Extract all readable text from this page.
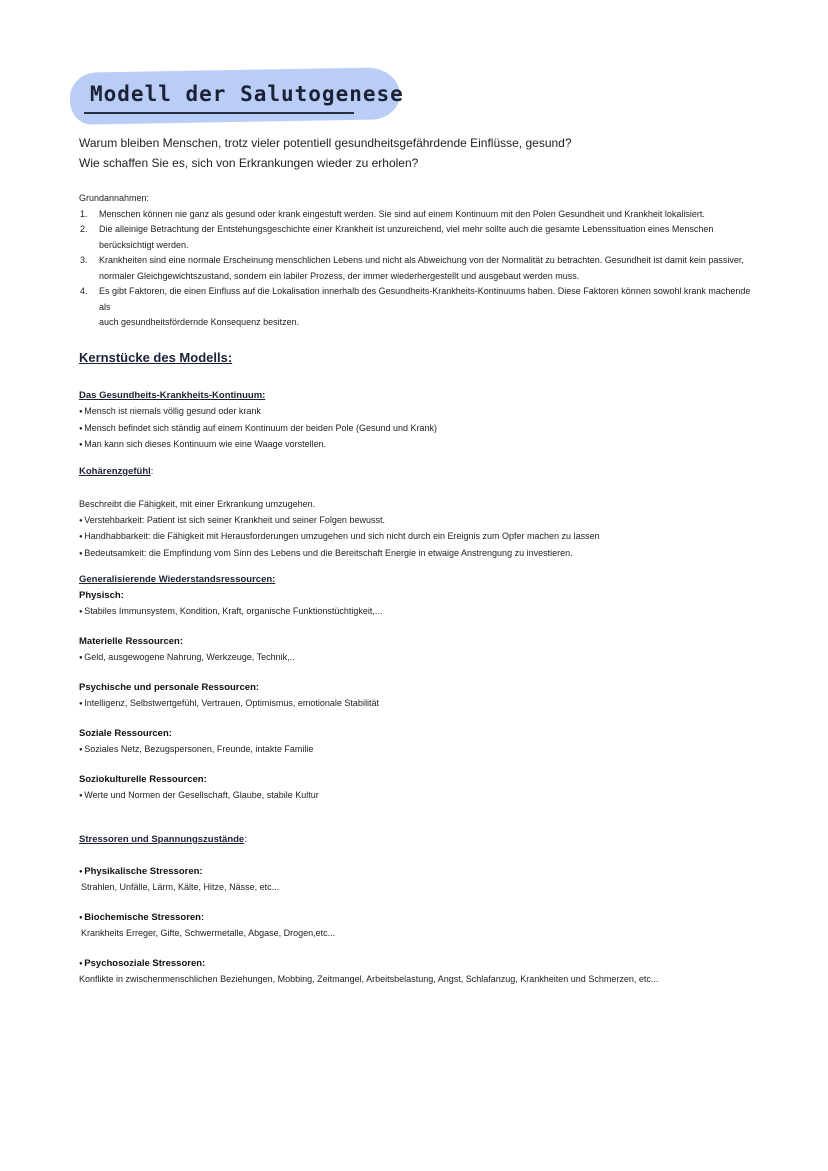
Modell der Salutogenese
Warum bleiben Menschen, trotz vieler potentiell gesundheitsgefährdende Einflüsse, gesund?
Wie schaffen Sie es, sich von Erkrankungen wieder zu erholen?
Grundannahmen:
1. Menschen können nie ganz als gesund oder krank eingestuft werden. Sie sind auf einem Kontinuum mit den Polen Gesundheit und Krankheit lokalisiert.
2. Die alleinige Betrachtung der Entstehungsgeschichte einer Krankheit ist unzureichend, viel mehr sollte auch die gesamte Lebenssituation eines Menschen
berücksichtigt werden.
3. Krankheiten sind eine normale Erscheinung menschlichen Lebens und nicht als Abweichung von der Normalität zu betrachten. Gesundheit ist damit kein passiver,
normaler Gleichgewichtszustand, sondern ein labiler Prozess, der immer wiederhergestellt und ausgebaut werden muss.
4. Es gibt Faktoren, die einen Einfluss auf die Lokalisation innerhalb des Gesundheits-Krankheits-Kontinuums haben. Diese Faktoren können sowohl krank machende als
auch gesundheitsfördernde Konsequenz besitzen.
Kernstücke des Modells:
Das Gesundheits-Krankheits-Kontinuum:
● Mensch ist niemals völlig gesund oder krank
● Mensch befindet sich ständig auf einem Kontinuum der beiden Pole (Gesund und Krank)
● Man kann sich dieses Kontinuum wie eine Waage vorstellen.
Kohärenzgefühl:
Beschreibt die Fähigkeit, mit einer Erkrankung umzugehen.
● Verstehbarkeit: Patient ist sich seiner Krankheit und seiner Folgen bewusst.
● Handhabbarkeit: die Fähigkeit mit Herausforderungen umzugehen und sich nicht durch ein Ereignis zum Opfer machen zu lassen
● Bedeutsamkeit: die Empfindung vom Sinn des Lebens und die Bereitschaft Energie in etwaige Anstrengung zu investieren.
Generalisierende Wiederstandsressourcen:
Physisch:
● Stabiles Immunsystem, Kondition, Kraft, organische Funktionstüchtigkeit,...
Materielle Ressourcen:
● Geld, ausgewogene Nahrung, Werkzeuge, Technik,..
Psychische und personale Ressourcen:
● Intelligenz, Selbstwertgefühl, Vertrauen, Optimismus, emotionale Stabilität
Soziale Ressourcen:
● Soziales Netz, Bezugspersonen, Freunde, intakte Familie
Soziokulturelle Ressourcen:
● Werte und Normen der Gesellschaft, Glaube, stabile Kultur
Stressoren und Spannungszustände:
● Physikalische Stressoren:
Strahlen, Unfälle, Lärm, Kälte, Hitze, Nässe, etc...
● Biochemische Stressoren:
Krankheits Erreger, Gifte, Schwermetalle, Abgase, Drogen,etc...
● Psychosoziale Stressoren:
Konflikte in zwischenmenschlichen Beziehungen, Mobbing, Zeitmangel, Arbeitsbelastung, Angst, Schlafanzug, Krankheiten und Schmerzen, etc...
